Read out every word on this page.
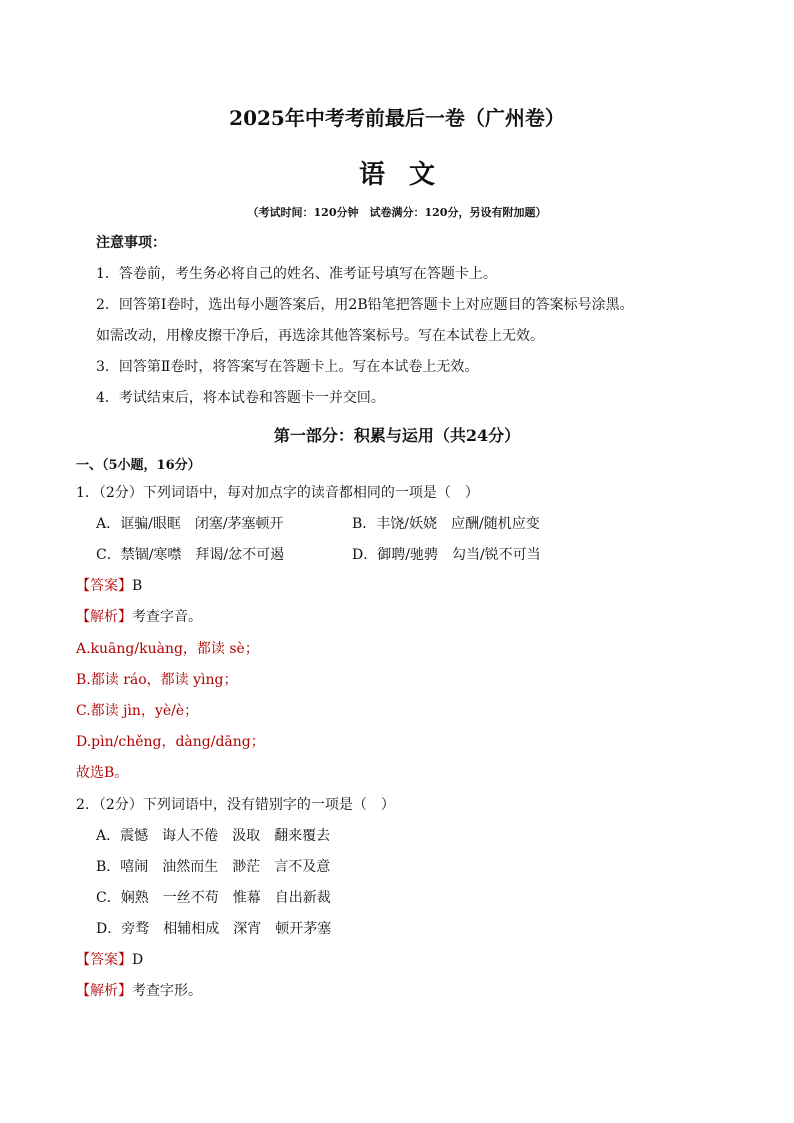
2025年中考考前最后一卷（广州卷）
语文
（考试时间：120分钟　试卷满分：120分，另设有附加题）
注意事项：
1．答卷前，考生务必将自己的姓名、准考证号填写在答题卡上。
2．回答第Ⅰ卷时，选出每小题答案后，用2B铅笔把答题卡上对应题目的答案标号涂黑。
如需改动，用橡皮擦干净后，再选涂其他答案标号。写在本试卷上无效。
3．回答第Ⅱ卷时，将答案写在答题卡上。写在本试卷上无效。
4．考试结束后，将本试卷和答题卡一并交回。
第一部分：积累与运用（共24分）
一、（5小题，16分）
1．（2分）下列词语中，每对加点字的读音都相同的一项是（　）
A．诓骗/眼眶　闭塞/茅塞顿开	B．丰饶/妖娆　应酬/随机应变
C．禁锢/寒噤　拜谒/忿不可遏	D．御聘/驰骋　勾当/锐不可当
【答案】B
【解析】考查字音。
A.kuāng/kuàng，都读 sè；
B.都读 ráo，都读 yìng；
C.都读 jìn，yè/è；
D.pìn/chěng，dàng/dāng；
故选B。
2．（2分）下列词语中，没有错别字的一项是（　）
A．震憾　诲人不倦　汲取　翻来覆去
B．嘻闹　油然而生　渺茫　言不及意
C．娴熟　一丝不苟　惟幕　自出新裁
D．旁骛　相辅相成　深宵　顿开茅塞
【答案】D
【解析】考查字形。
